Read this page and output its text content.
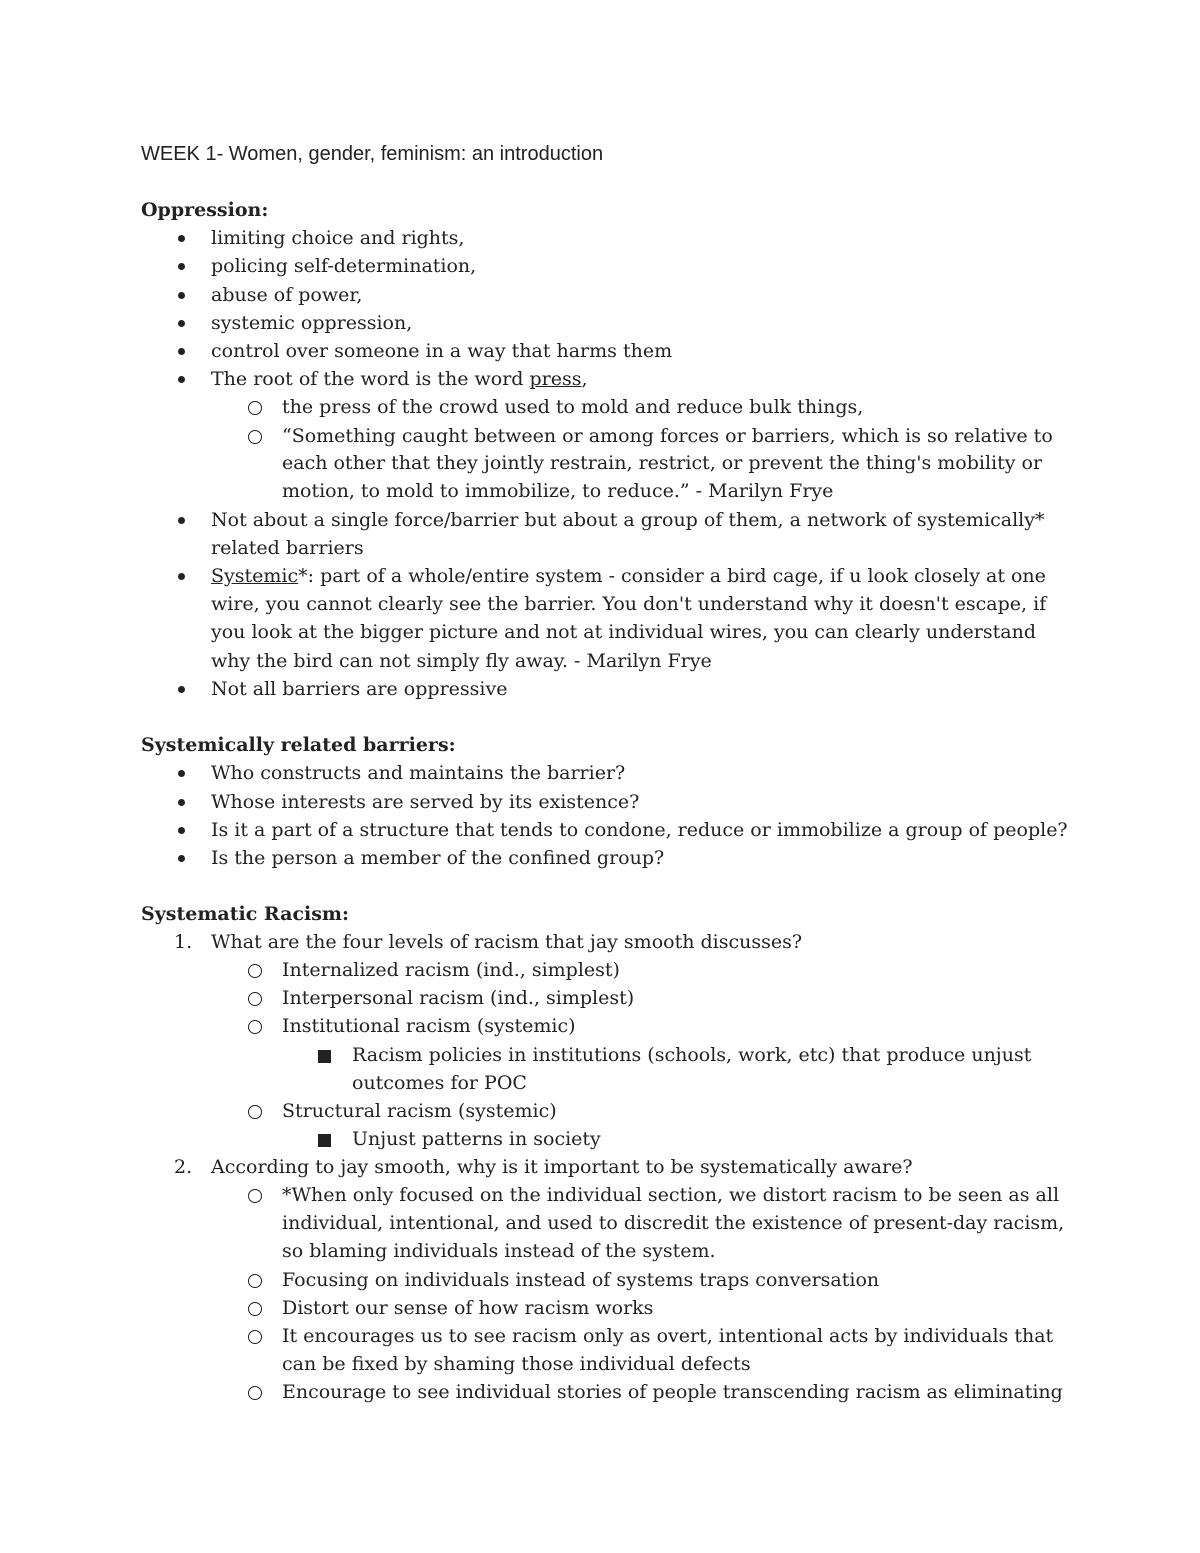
WEEK 1- Women, gender, feminism: an introduction
Oppression:
limiting choice and rights,
policing self-determination,
abuse of power,
systemic oppression,
control over someone in a way that harms them
The root of the word is the word press,
the press of the crowd used to mold and reduce bulk things,
“Something caught between or among forces or barriers, which is so relative to
each other that they jointly restrain, restrict, or prevent the thing's mobility or
motion, to mold to immobilize, to reduce.” - Marilyn Frye
Not about a single force/barrier but about a group of them, a network of systemically*
related barriers
Systemic*: part of a whole/entire system - consider a bird cage, if u look closely at one
wire, you cannot clearly see the barrier. You don't understand why it doesn't escape, if
you look at the bigger picture and not at individual wires, you can clearly understand
why the bird can not simply fly away. - Marilyn Frye
Not all barriers are oppressive
Systemically related barriers:
Who constructs and maintains the barrier?
Whose interests are served by its existence?
Is it a part of a structure that tends to condone, reduce or immobilize a group of people?
Is the person a member of the confined group?
Systematic Racism:
1. What are the four levels of racism that jay smooth discusses?
Internalized racism (ind., simplest)
Interpersonal racism (ind., simplest)
Institutional racism (systemic)
Racism policies in institutions (schools, work, etc) that produce unjust
outcomes for POC
Structural racism (systemic)
Unjust patterns in society
2. According to jay smooth, why is it important to be systematically aware?
*When only focused on the individual section, we distort racism to be seen as all
individual, intentional, and used to discredit the existence of present-day racism,
so blaming individuals instead of the system.
Focusing on individuals instead of systems traps conversation
Distort our sense of how racism works
It encourages us to see racism only as overt, intentional acts by individuals that
can be fixed by shaming those individual defects
Encourage to see individual stories of people transcending racism as eliminating
